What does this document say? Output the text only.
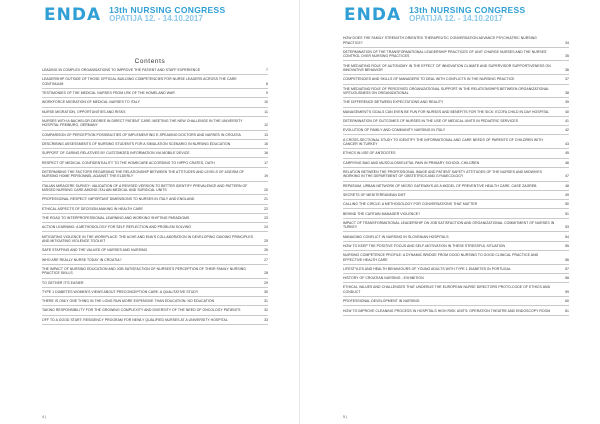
ENDA 13th NURSING CONGRESS
OPATIJA 12. - 14.10.2017
Contents
LEADING IN COMPLEX ORGANISATIONS TO IMPROVE THE PATIENT AND STAFF EXPERIENCE	7
LEADERSHIP OUTSIDE OF THOSE OFFICIAL BUILDING COMPETENCIES FOR NURSE LEADERS ACROSS THE CARE CONTINUUM	8
TESTIMONIES OF THE MEDICAL NURSES FROM LRK OF THE HOMELAND WAR	9
WORKFORCE MIGRATION OF MEDICAL NURSES TO ITALY	10
NURSE MIGRATION, OPPORTUNITIES AND RISKS	11
NURSES WITH A BACHELOR-DEGREE IN DIRECT PATIENT CARE: MEETING THE NEW CHALLENGE IN THE UNIVERSITY HOSPITAL FREIBURG, GERMANY	12
COMPARISON OF PERCEPTION POSSIBILITIES OF IMPLEMENTING E-SPEAKING DOCTORS AND NURSES IN CROATIA	13
DESCRIBING ASSESSMENTS OF NURSING STUDENTS FOR A SIMULATION SCENARIO IN NURSING EDUCATION	15
SUPPORT OF CARING RELATIVES BY CUSTOMIZED INFORMATION VIA MOBILE DEVICE	16
RESPECT OF MEDICAL CONFIDENTIALITY TO THE HOMECARE ACCORDING TO HIPPO CRATES, OATH	17
DETERMINING THE FACTORS REGARDING THE RELATIONSHIP BETWEEN THE ATTITUDES AND LEVELS OF AGEISM OF NURSING HOME PERSONNEL AGAINST THE ELDERLY	19
ITALIAN MIRACERE SURVEY: VALIDATION OF A REVISED VERSION TO BETTER IDENTIFY PREVALENCE AND PATTERN OF MISSED NURSING CARE AMONG ITALIAN MEDICAL AND SURGICAL UNITS	20
PROFESSIONAL RESPECT: IMPORTANT DIMENSIONS TO NURSES IN ITALY AND ENGLAND	21
ETHICAL ASPECTS OF DECISION-MAKING IN HEALTH CARE	22
THE ROAD TO INTERPROFESSIONAL LEARNING AND WORKING SHIFTING PARADIGMS	23
ACTION LEARNING: A METHODOLOGY FOR SELF REFLECTION AND PROBLEM SOLVING	24
MITIGATING VIOLENCE IN THE WORKPLACE: THE ACHE AND ENA'S COLLABORATION IN DEVELOPING GUIDING PRINCIPLES AND MITIGATING VIOLENCE TOOLKIT	25
SAFE STAFFING AND THE VALUED OF NURSES AND NURSING	26
WHO ARE REALLY NURSE TODAY IN CROATIA?	27
THE IMPACT OF NURSING EDUCATION AND JOB SATISFACTION OF NURSES'S PERCEPTION OF THEIR FAMILY NURSING PRACTICE SKILLS	28
TO GETHER IT'S EASIER	29
TYPE 1 DIABETES WOMEN'S VIEWS ABOUT PRECONCEPTION CARE: A QUALITATIVE STUDY	30
THERE IS ONLY ONE THING IN THE LONG RUN MORE EXPENSIVE THAN EDUCATION: NO EDUCATION	31
TAKING RESPONSIBILITY FOR THE GROWING COMPLEXITY AND DIVERSITY OF THE NEED OF ONCOLOGY PATIENTS	32
OFF TO A GOOD START: RESIDENCY PROGRAM FOR NEWLY QUALIFIED NURSES AT A UNIVERSITY HOSPITAL	33
4 |
ENDA 13th NURSING CONGRESS
OPATIJA 12. - 14.10.2017
HOW DOES THE FAMILY STRENGTH ORIENTED THERAPEUTIC CONVERSATION ADVANCE PSYCHIATRIC NURSING PRACTICE?	34
DETERMINATION OF THE TRANSFORMATIONAL LEADERSHIP PRACTICES OF UNIT CHARGE NURSES AND THE NURSES' CONTROL OVER NURSING PRACTICES	35
THE MEDIATING ROLE OF AUTONOMY IN THE EFFECT OF INNOVATION CLIMATE AND SUPERVISOR SUPPORTIVENESS ON INNOVATIVE BEHAVIOR	36
COMPETENCIES AND SKILLS OF MANAGERS TO DEAL WITH CONFLICTS IN THE NURSING PRACTICE	37
THE MEDIATING ROLE OF PERCEIVED ORGANIZATIONAL SUPPORT IN THE RELATIONSHIPS BETWEEN ORGANIZATIONAL VIRTUOUSNESS ON ORGANIZATIONAL	38
THE DIFFERENCE BETWEEN EXPECTATIONS AND REALITY	39
MANAGEMENT'S GOALS CAN EVEN BE FUN FOR NURSES AND BENEFITS FOR THE SICK: ECOFA CHILD IN DAY HOSPITAL	40
DETERMINATION OF OUTCOMES OF NURSES IN THE USE OF MEDICAL UNITS IN PEDIATRIC SERVICES	41
EVOLUTION OF FAMILY AND COMMUNITY NURSING IN ITALY	42
A CROSS-SECTIONAL STUDY TO IDENTIFY THE INFORMATIONAL AND CARE NEEDS OF PARENTS OF CHILDREN WITH CANCER IN TURKEY	43
ETHICS IN USE OF ANTIDOTES	45
CARRYING BAG AND MUSCULOSKELETAL PAIN IN PRIMARY SCHOOL CHILDREN	46
RELATION BETWEEN THE PROFESSIONAL IMAGE AND PATIENT SAFETY ATTITUDES OF THE NURSES AND MIDWIVES WORKING IN THE DEPARTMENT OF OBSTETRICS AND GYNAECOLOGY	47
REPASIUM, URBAN NETWORK OF MICRO GATEWAYS AS A MODEL OF PREVENTIVE HEALTH CARE, CASE ZAGREB	48
SECRETS OF MEDITERRANEAN DIET	49
CALLING THE CIRCLE: A METHODOLOGY FOR CONVERSATIONS THAT MATTER	50
BEHIND THE CURTAIN MANAGER VIOLENCE?	51
IMPACT OF TRANSFORMATIONAL LEADERSHIP ON JOB SATISFACTION AND ORGANIZATIONAL COMMITMENT OF NURSES IN TURKEY	53
MANAGING CONFLICT IN NURSING IN SLOVENIAN HOSPITALS	54
HOW TO KEEP THE POSITIVE FOCUS AND SELF-MOTIVATION IN THESE STRESSFUL SITUATION	55
NURSING COMPETENCE PROFILE: A DYNAMIC BRIDGE FROM GOOD NURSING TO GOOD CLINICAL PRACTICE AND EFFECTIVE HEALTH CARE	56
LIFESTYLES AND HEALTH BEHAVIOURS OF YOUNG ADULTS WITH TYPE 1 DIABETES IN PORTUGAL	57
HISTORY OF CROATIAN NURSING - EXHIBITION	58
ETHICAL VALUES AND CHALLENGES THAT UNDERLIE THE EUROPEAN NURSE DIRECTORS PROTO-CODE OF ETHICS AND CONDUCT	59
PROFESSIONAL DEVELOPMENT IN NURSING	60
HOW TO IMPROVE CLEANING PROCESS IN HOSPITALS HIGH RISK UNITS: OPERATION THEATRE AND ENDOSCOPY ROOM	61
5 |
